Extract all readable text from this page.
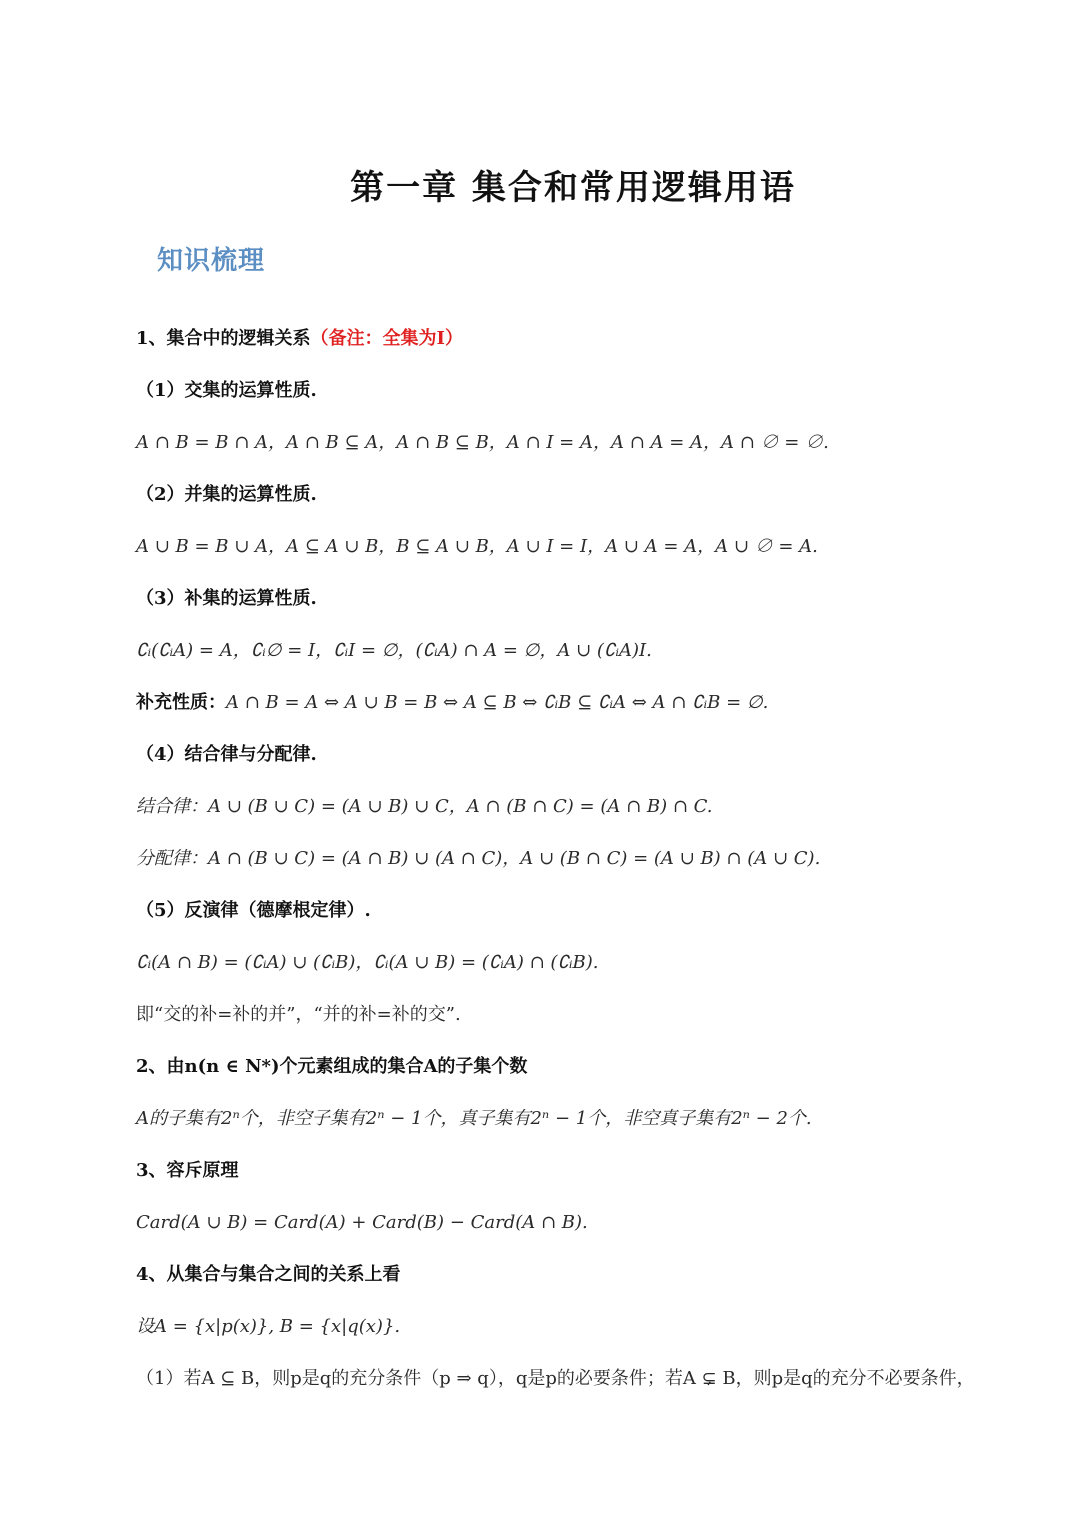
第一章 集合和常用逻辑用语
知识梳理
1、集合中的逻辑关系（备注：全集为I）
（1）交集的运算性质.
A ∩ B = B ∩ A，A ∩ B ⊆ A，A ∩ B ⊆ B，A ∩ I = A，A ∩ A = A，A ∩ ∅ = ∅.
（2）并集的运算性质.
A ∪ B = B ∪ A，A ⊆ A ∪ B，B ⊆ A ∪ B，A ∪ I = I，A ∪ A = A，A ∪ ∅ = A.
（3）补集的运算性质.
∁ᵢ(∁ᵢA) = A，∁ᵢ∅ = I，∁ᵢI = ∅，(∁ᵢA) ∩ A = ∅，A ∪ (∁ᵢA)I.
补充性质：A ∩ B = A ⇔ A ∪ B = B ⇔ A ⊆ B ⇔ ∁ᵢB ⊆ ∁ᵢA ⇔ A ∩ ∁ᵢB = ∅.
（4）结合律与分配律.
结合律：A ∪ (B ∪ C) = (A ∪ B) ∪ C，A ∩ (B ∩ C) = (A ∩ B) ∩ C.
分配律：A ∩ (B ∪ C) = (A ∩ B) ∪ (A ∩ C)，A ∪ (B ∩ C) = (A ∪ B) ∩ (A ∪ C).
（5）反演律（德摩根定律）.
∁ᵢ(A ∩ B) = (∁ᵢA) ∪ (∁ᵢB)，∁ᵢ(A ∪ B) = (∁ᵢA) ∩ (∁ᵢB).
即“交的补=补的并”，“并的补=补的交”.
2、由n(n ∈ N*)个元素组成的集合A的子集个数
A的子集有2ⁿ个，非空子集有2ⁿ − 1个，真子集有2ⁿ − 1个，非空真子集有2ⁿ − 2个.
3、容斥原理
Card(A ∪ B) = Card(A) + Card(B) − Card(A ∩ B).
4、从集合与集合之间的关系上看
设A = {x|p(x)}, B = {x|q(x)}.
（1）若A ⊆ B，则p是q的充分条件（p ⇒ q），q是p的必要条件；若A ⊊ B，则p是q的充分不必要条件，
